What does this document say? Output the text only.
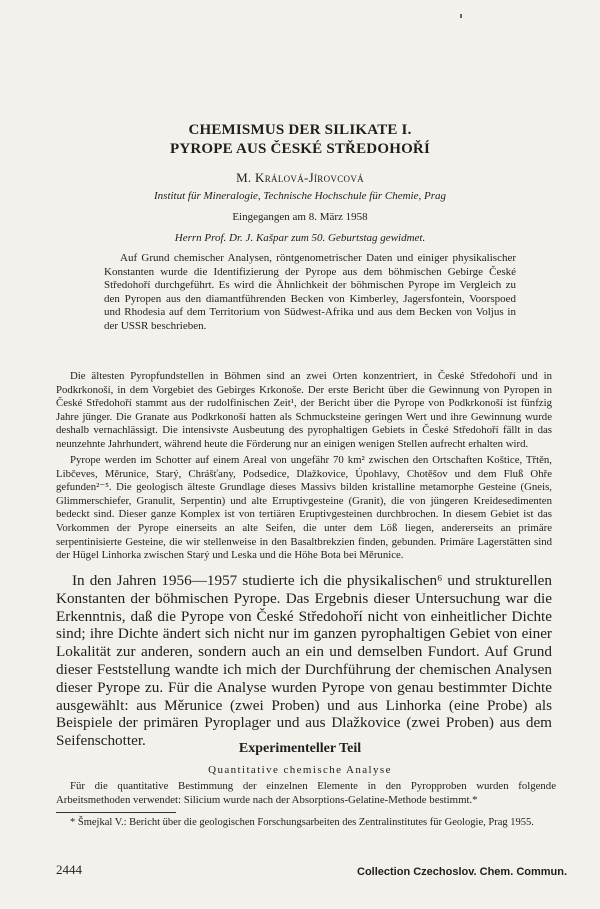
CHEMISMUS DER SILIKATE I.
PYROPE AUS ČESKÉ STŘEDOHOŘÍ
M. Králová-Jírovcová
Institut für Mineralogie, Technische Hochschule für Chemie, Prag
Eingegangen am 8. März 1958
Herrn Prof. Dr. J. Kašpar zum 50. Geburtstag gewidmet.

Auf Grund chemischer Analysen, röntgenometrischer Daten und einiger physikalischer Konstanten wurde die Identifizierung der Pyrope aus dem böhmischen Gebirge České Středohoří durchgeführt. Es wird die Ähnlichkeit der böhmischen Pyrope im Vergleich zu den Pyropen aus den diamantführenden Becken von Kimberley, Jagersfontein, Voorspoed und Rhodesia auf dem Territorium von Südwest-Afrika und aus dem Becken von Voljus in der USSR beschrieben.

Die ältesten Pyropfundstellen in Böhmen sind an zwei Orten konzentriert, in České Středohoří und in Podkrkonoší, in dem Vorgebiet des Gebirges Krkonoše. Der erste Bericht über die Gewinnung von Pyropen in České Středohoří stammt aus der rudolfinischen Zeit¹, der Bericht über die Pyrope von Podkrkonoší ist fünfzig Jahre jünger. Die Granate aus Podkrkonoší hatten als Schmucksteine geringen Wert und ihre Gewinnung wurde deshalb vernachlässigt. Die intensivste Ausbeutung des pyrophaltigen Gebiets in České Středohoří fällt in das neunzehnte Jahrhundert, während heute die Förderung nur an einigen wenigen Stellen aufrecht erhalten wird.

Pyrope werden im Schotter auf einem Areal von ungefähr 70 km² zwischen den Ortschaften Koštice, Třtěn, Libčeves, Měrunice, Starý, Chrášťany, Podsedice, Dlažkovice, Úpohlavy, Chotěšov und dem Fluß Ohře gefunden²⁻⁵. Die geologisch älteste Grundlage dieses Massivs bilden kristalline metamorphe Gesteine (Gneis, Glimmerschiefer, Granulit, Serpentin) und alte Erruptivgesteine (Granit), die von jüngeren Kreidesedimenten bedeckt sind. Dieser ganze Komplex ist von tertiären Eruptivgesteinen durchbrochen. In diesem Gebiet ist das Vorkommen der Pyrope einerseits an alte Seifen, die unter dem Löß liegen, andererseits an primäre serpentinisierte Gesteine, die wir stellenweise in den Basaltbrekzien finden, gebunden. Primäre Lagerstätten sind der Hügel Linhorka zwischen Starý und Leska und die Höhe Bota bei Měrunice.

In den Jahren 1956—1957 studierte ich die physikalischen⁶ und strukturellen Konstanten der böhmischen Pyrope. Das Ergebnis dieser Untersuchung war die Erkenntnis, daß die Pyrope von České Středohoří nicht von einheitlicher Dichte sind; ihre Dichte ändert sich nicht nur im ganzen pyrophaltigen Gebiet von einer Lokalität zur anderen, sondern auch an ein und demselben Fundort. Auf Grund dieser Feststellung wandte ich mich der Durchführung der chemischen Analysen dieser Pyrope zu. Für die Analyse wurden Pyrope von genau bestimmter Dichte ausgewählt: aus Měrunice (zwei Proben) und aus Linhorka (eine Probe) als Beispiele der primären Pyroplager und aus Dlažkovice (zwei Proben) aus dem Seifenschotter.	Experimenteller Teil
Quantitative chemische Analyse

Für die quantitative Bestimmung der einzelnen Elemente in den Pyropproben wurden folgende Arbeitsmethoden verwendet: Silicium wurde nach der Absorptions-Gelatine-Methode bestimmt.*

* Šmejkal V.: Bericht über die geologischen Forschungsarbeiten des Zentralinstitutes für Geologie, Prag 1955.

2444	Collection Czechoslov. Chem. Commun.
